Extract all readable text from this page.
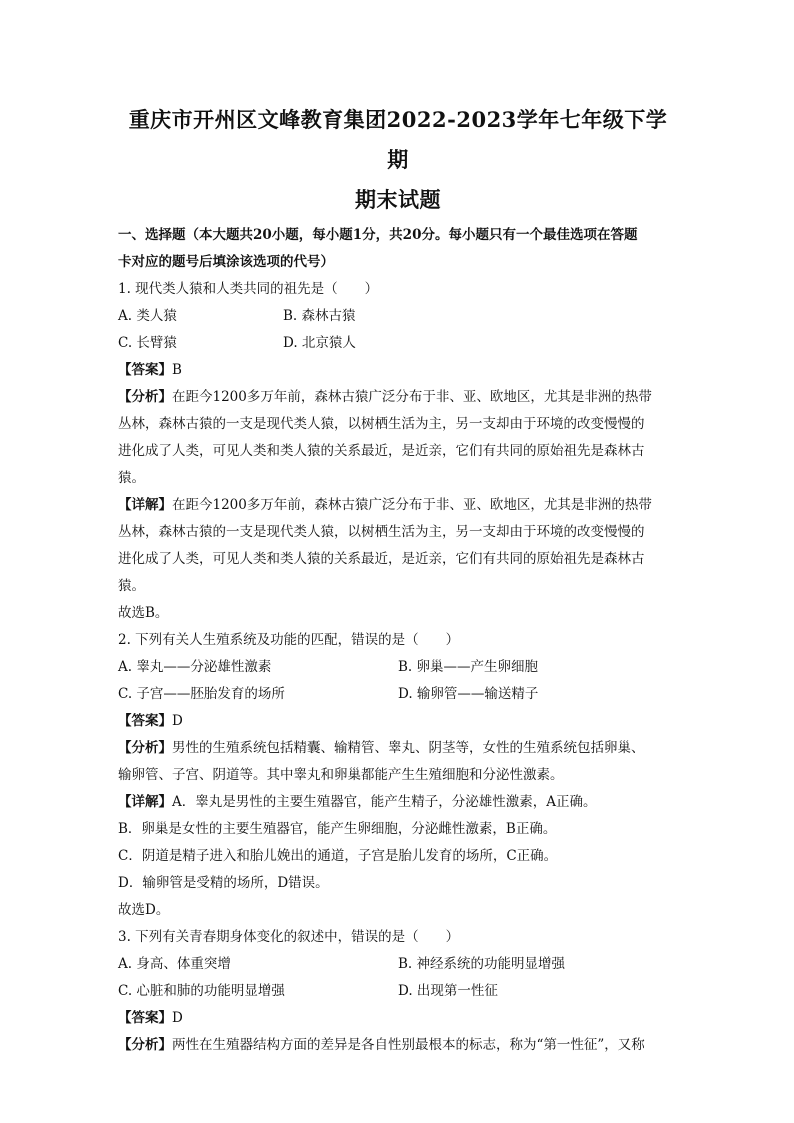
重庆市开州区文峰教育集团2022-2023学年七年级下学期
期末试题
一、选择题（本大题共20小题，每小题1分，共20分。每小题只有一个最佳选项在答题
卡对应的题号后填涂该选项的代号）

1. 现代类人猿和人类共同的祖先是（　　）

A. 类人猿	B. 森林古猿
C. 长臂猿	D. 北京猿人

【答案】B

【分析】在距今1200多万年前，森林古猿广泛分布于非、亚、欧地区，尤其是非洲的热带

丛林，森林古猿的一支是现代类人猿，以树栖生活为主，另一支却由于环境的改变慢慢的

进化成了人类，可见人类和类人猿的关系最近，是近亲，它们有共同的原始祖先是森林古

猿。

【详解】在距今1200多万年前，森林古猿广泛分布于非、亚、欧地区，尤其是非洲的热带

丛林，森林古猿的一支是现代类人猿，以树栖生活为主，另一支却由于环境的改变慢慢的

进化成了人类，可见人类和类人猿的关系最近，是近亲，它们有共同的原始祖先是森林古

猿。

故选B。

2. 下列有关人生殖系统及功能的匹配，错误的是（　　）

A. 睾丸——分泌雄性激素	B. 卵巢——产生卵细胞
C. 子宫——胚胎发育的场所	D. 输卵管——输送精子

【答案】D

【分析】男性的生殖系统包括精囊、输精管、睾丸、阴茎等，女性的生殖系统包括卵巢、

输卵管、子宫、阴道等。其中睾丸和卵巢都能产生生殖细胞和分泌性激素。

【详解】A．睾丸是男性的主要生殖器官，能产生精子，分泌雄性激素，A正确。

B．卵巢是女性的主要生殖器官，能产生卵细胞，分泌雌性激素，B正确。

C．阴道是精子进入和胎儿娩出的通道，子宫是胎儿发育的场所，C正确。

D．输卵管是受精的场所，D错误。

故选D。

3. 下列有关青春期身体变化的叙述中，错误的是（　　）

A. 身高、体重突增	B. 神经系统的功能明显增强
C. 心脏和肺的功能明显增强	D. 出现第一性征

【答案】D

【分析】两性在生殖器结构方面的差异是各自性别最根本的标志，称为“第一性征”，又称
